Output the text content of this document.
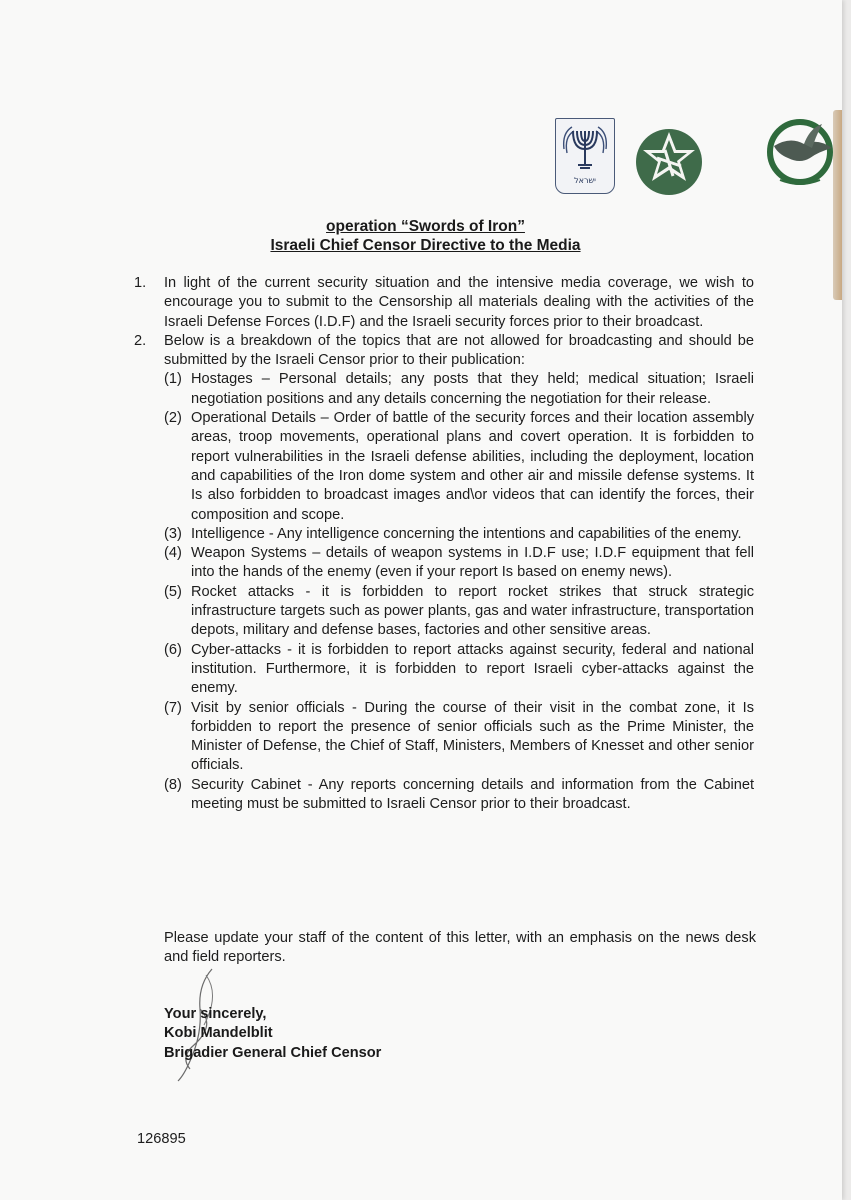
ישראל
operation “Swords of Iron”
Israeli Chief Censor Directive to the Media
1. In light of the current security situation and the intensive media coverage, we wish to encourage you to submit to the Censorship all materials dealing with the activities of the Israeli Defense Forces (I.D.F) and the Israeli security forces prior to their broadcast.
2. Below is a breakdown of the topics that are not allowed for broadcasting and should be submitted by the Israeli Censor prior to their publication:
(1) Hostages – Personal details; any posts that they held; medical situation; Israeli negotiation positions and any details concerning the negotiation for their release.
(2) Operational Details – Order of battle of the security forces and their location assembly areas, troop movements, operational plans and covert operation. It is forbidden to report vulnerabilities in the Israeli defense abilities, including the deployment, location and capabilities of the Iron dome system and other air and missile defense systems. It Is also forbidden to broadcast images and\or videos that can identify the forces, their composition and scope.
(3) Intelligence - Any intelligence concerning the intentions and capabilities of the enemy.
(4) Weapon Systems – details of weapon systems in I.D.F use; I.D.F equipment that fell into the hands of the enemy (even if your report Is based on enemy news).
(5) Rocket attacks - it is forbidden to report rocket strikes that struck strategic infrastructure targets such as power plants, gas and water infrastructure, transportation depots, military and defense bases, factories and other sensitive areas.
(6) Cyber-attacks - it is forbidden to report attacks against security, federal and national institution. Furthermore, it is forbidden to report Israeli cyber-attacks against the enemy.
(7) Visit by senior officials - During the course of their visit in the combat zone, it Is forbidden to report the presence of senior officials such as the Prime Minister, the Minister of Defense, the Chief of Staff, Ministers, Members of Knesset and other senior officials.
(8) Security Cabinet - Any reports concerning details and information from the Cabinet meeting must be submitted to Israeli Censor prior to their broadcast.
Please update your staff of the content of this letter, with an emphasis on the news desk and field reporters.
Your sincerely,
Kobi Mandelblit
Brigadier General Chief Censor
126895
